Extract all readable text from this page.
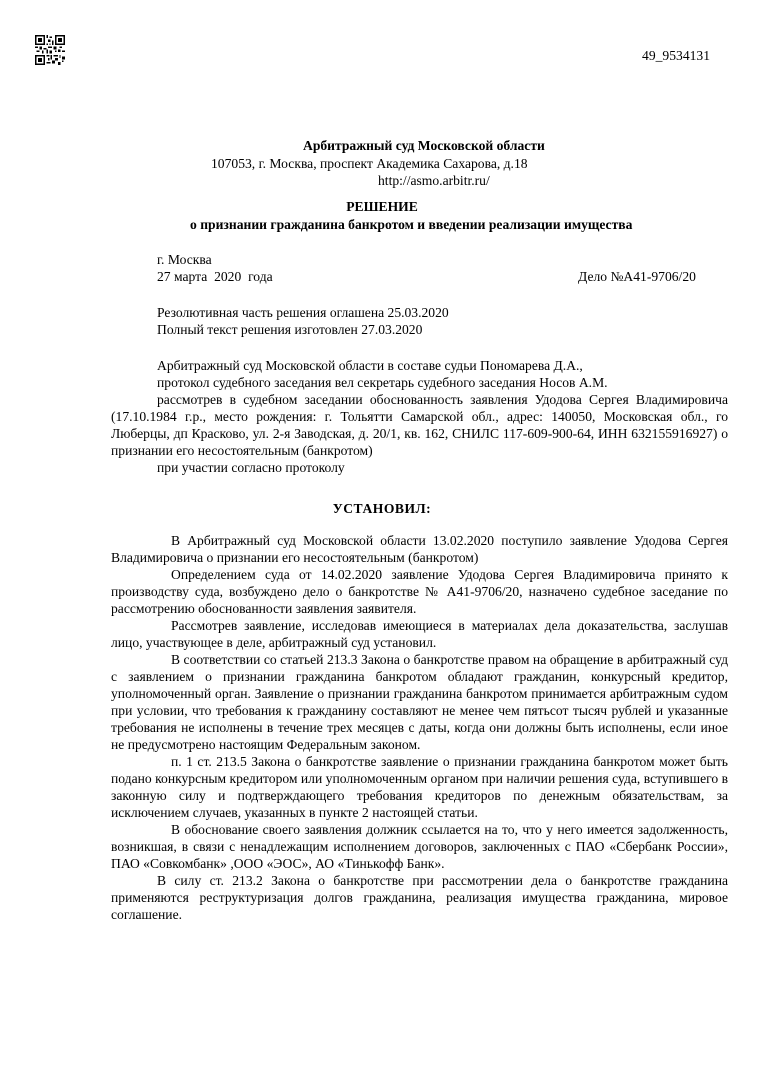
49_9534131
Арбитражный суд Московской области
107053, г. Москва, проспект Академика Сахарова, д.18
http://asmo.arbitr.ru/
РЕШЕНИЕ
о признании гражданина банкротом и введении реализации имущества
г. Москва
27 марта  2020  года	Дело №А41-9706/20
Резолютивная часть решения оглашена 25.03.2020
Полный текст решения изготовлен 27.03.2020
Арбитражный суд Московской области в составе судьи Пономарева Д.А.,
протокол судебного заседания вел секретарь судебного заседания Носов А.М.

рассмотрев в судебном заседании обоснованность заявления Удодова Сергея Владимировича (17.10.1984 г.р., место рождения: г. Тольятти Самарской обл., адрес: 140050, Московская обл., го Люберцы, дп Красково, ул. 2-я Заводская, д. 20/1, кв. 162, СНИЛС 117-609-900-64, ИНН 632155916927) о признании его несостоятельным (банкротом)

при участии согласно протоколу
УСТАНОВИЛ:

В Арбитражный суд Московской области 13.02.2020 поступило заявление Удодова Сергея Владимировича о признании его несостоятельным (банкротом)

Определением суда от 14.02.2020 заявление Удодова Сергея Владимировича принято к производству суда, возбуждено дело о банкротстве № А41-9706/20, назначено судебное заседание по рассмотрению обоснованности заявления заявителя.

Рассмотрев заявление, исследовав имеющиеся в материалах дела доказательства, заслушав лицо, участвующее в деле, арбитражный суд установил.

В соответствии со статьей 213.3 Закона о банкротстве правом на обращение в арбитражный суд с заявлением о признании гражданина банкротом обладают гражданин, конкурсный кредитор, уполномоченный орган. Заявление о признании гражданина банкротом принимается арбитражным судом при условии, что требования к гражданину составляют не менее чем пятьсот тысяч рублей и указанные требования не исполнены в течение трех месяцев с даты, когда они должны быть исполнены, если иное не предусмотрено настоящим Федеральным законом.

п. 1 ст. 213.5 Закона о банкротстве заявление о признании гражданина банкротом может быть подано конкурсным кредитором или уполномоченным органом при наличии решения суда, вступившего в законную силу и подтверждающего требования кредиторов по денежным обязательствам, за исключением случаев, указанных в пункте 2 настоящей статьи.

В обоснование своего заявления должник ссылается на то, что у него имеется задолженность, возникшая, в связи с ненадлежащим исполнением договоров, заключенных с ПАО «Сбербанк России», ПАО «Совкомбанк» ,ООО «ЭОС», АО «Тинькофф Банк».

В силу ст. 213.2 Закона о банкротстве при рассмотрении дела о банкротстве гражданина применяются реструктуризация долгов гражданина, реализация имущества гражданина, мировое соглашение.
